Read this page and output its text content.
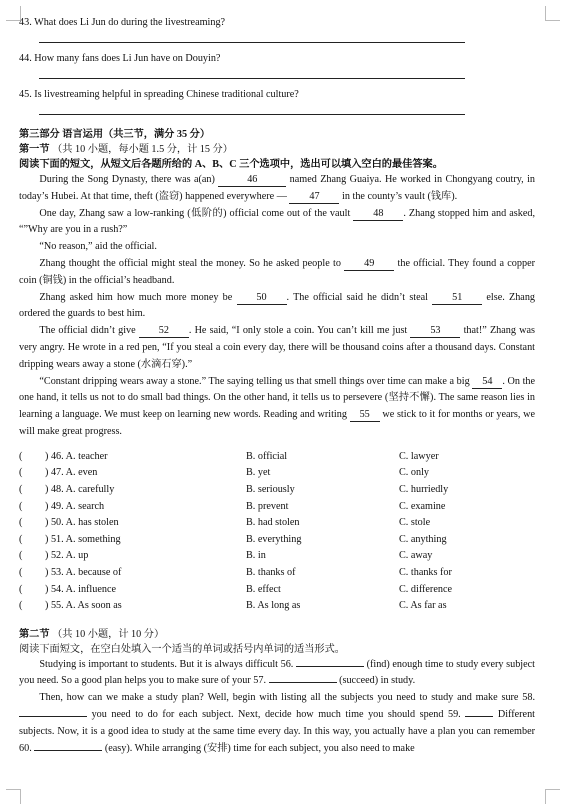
43. What does Li Jun do during the livestreaming?

44. How many fans does Li Jun have on Douyin?

45. Is livestreaming helpful in spreading Chinese traditional culture?

第三部分 语言运用（共三节，满分 35 分）
第一节 （共 10 小题，每小题 1.5 分，计 15 分）
阅读下面的短文，从短文后各题所给的 A、B、C 三个选项中，选出可以填入空白的最佳答案。

During the Song Dynasty, there was a(an)	46	named Zhang Guaiya. He worked in Chongyang coutry, in today’s Hubei. At that time, theft (盗窃) happened everywhere — 47 in the county’s vault (钱库).

One day, Zhang saw a low-ranking (低阶的) official come out of the vault 48 . Zhang stopped him and asked, “”Why are you in a rush?”

“No reason,” aid the official.

Zhang thought the official might steal the money. So he asked people to 49 the official. They found a copper coin (铜钱) in the official’s headband.

Zhang asked him how much more money be 50 . The official said he didn’t steal 51 else. Zhang ordered the guards to best him.

The official didn’t give 52 . He said, “I only stole a coin. You can’t kill me just 53 that!” Zhang was very angry. He wrote in a red pen, “If you steal a coin every day, there will be thousand coins after a thousand days. Constant dripping wears away a stone (水滴石穿).”

“Constant dripping wears away a stone.” The saying telling us that smell things over time can make a big 54 . On the one hand, it tells us not to do small bad things. On the other hand, it tells us to persevere (坚持不懈). The same reason lies in learning a language. We must keep on learning new words. Reading and writing 55 we stick to it for months or years, we will make great progress.

( ) 46. A. teacher	B. official	C. lawyer
( ) 47. A. even	B. yet	C. only
( ) 48. A. carefully	B. seriously	C. hurriedly
( ) 49. A. search	B. prevent	C. examine
( ) 50. A. has stolen	B. had stolen	C. stole
( ) 51. A. something	B. everything	C. anything
( ) 52. A. up	B. in	C. away
( ) 53. A. because of	B. thanks of	C. thanks for
( ) 54. A. influence	B. effect	C. difference
( ) 55. A. As soon as	B. As long as	C. As far as
第二节 （共 10 小题，计 10 分）
阅读下面短文，在空白处填入一个适当的单词或括号内单词的适当形式。

Studying is important to students. But it is always difficult 56.	(find) enough time to study every subject you need. So a good plan helps you to make sure of your 57.	(succeed) in study.

Then, how can we make a study plan? Well, begin with listing all the subjects you need to study and make sure 58.  you need to do for each subject. Next, decide how much time you should spend 59.	Different subjects. Now, it is a good idea to study at the same time every day. In this way, you actually have a plan you can remember 60.	(easy). While arranging (安排) time for each subject, you also need to make
